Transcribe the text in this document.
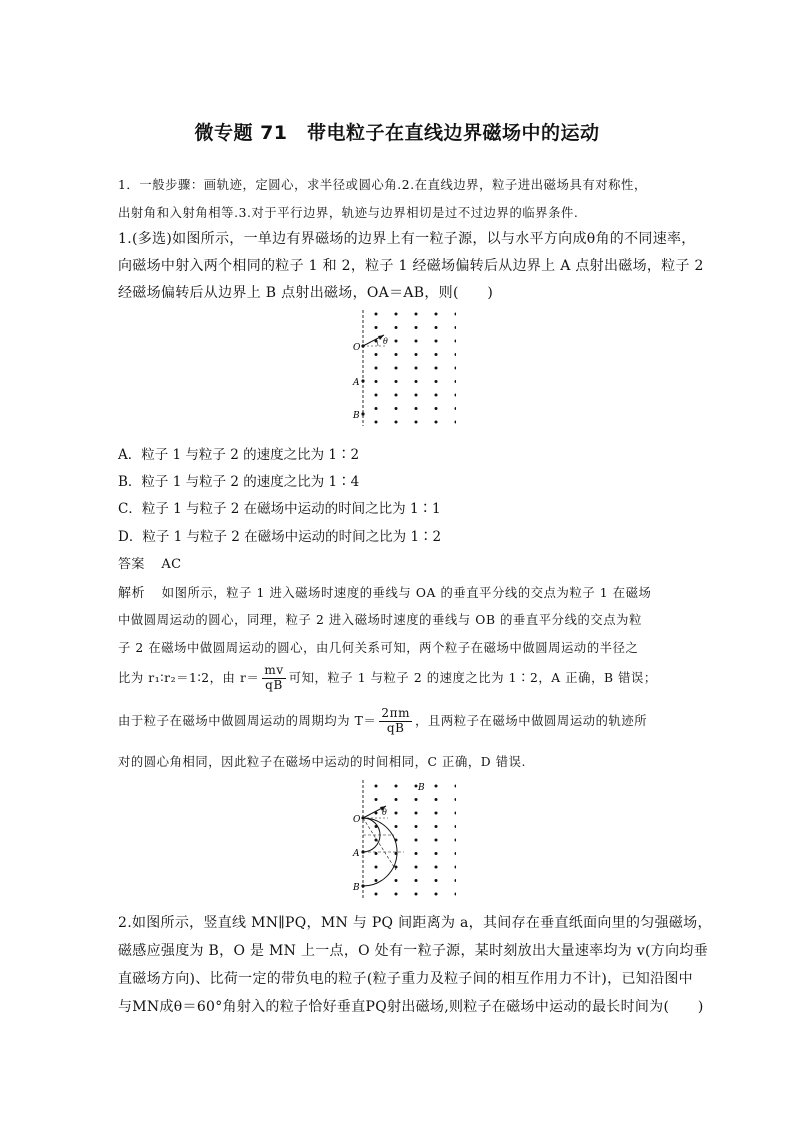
微专题 71　带电粒子在直线边界磁场中的运动
1．一般步骤：画轨迹，定圆心，求半径或圆心角.2.在直线边界，粒子进出磁场具有对称性，
出射角和入射角相等.3.对于平行边界，轨迹与边界相切是过不过边界的临界条件.
1.(多选)如图所示，一单边有界磁场的边界上有一粒子源，以与水平方向成θ角的不同速率，
向磁场中射入两个相同的粒子 1 和 2，粒子 1 经磁场偏转后从边界上 A 点射出磁场，粒子 2
经磁场偏转后从边界上 B 点射出磁场，OA＝AB，则(　　)
O
A
B
θ
A．粒子 1 与粒子 2 的速度之比为 1∶2
B．粒子 1 与粒子 2 的速度之比为 1∶4
C．粒子 1 与粒子 2 在磁场中运动的时间之比为 1∶1
D．粒子 1 与粒子 2 在磁场中运动的时间之比为 1∶2
答案 AC
解析 如图所示，粒子 1 进入磁场时速度的垂线与 OA 的垂直平分线的交点为粒子 1 在磁场
中做圆周运动的圆心，同理，粒子 2 进入磁场时速度的垂线与 OB 的垂直平分线的交点为粒
子 2 在磁场中做圆周运动的圆心，由几何关系可知，两个粒子在磁场中做圆周运动的半径之
比为 r₁∶r₂＝1∶2，由 $r= \frac{mv}{qB}$ 可知，粒子 1 与粒子 2 的速度之比为 1∶2，A 正确，B 错误；
由于粒子在磁场中做圆周运动的周期均为 $T= \frac{2\pi m}{qB}$ ，且两粒子在磁场中做圆周运动的轨迹所
对的圆心角相同，因此粒子在磁场中运动的时间相同，C 正确，D 错误.
O
A
B
B
θ
2.如图所示，竖直线 MN∥PQ，MN 与 PQ 间距离为 a，其间存在垂直纸面向里的匀强磁场，
磁感应强度为 B，O 是 MN 上一点，O 处有一粒子源，某时刻放出大量速率均为 v(方向均垂
直磁场方向)、比荷一定的带负电的粒子(粒子重力及粒子间的相互作用力不计)，已知沿图中
与MN成θ＝60°角射入的粒子恰好垂直PQ射出磁场,则粒子在磁场中运动的最长时间为(　　)
